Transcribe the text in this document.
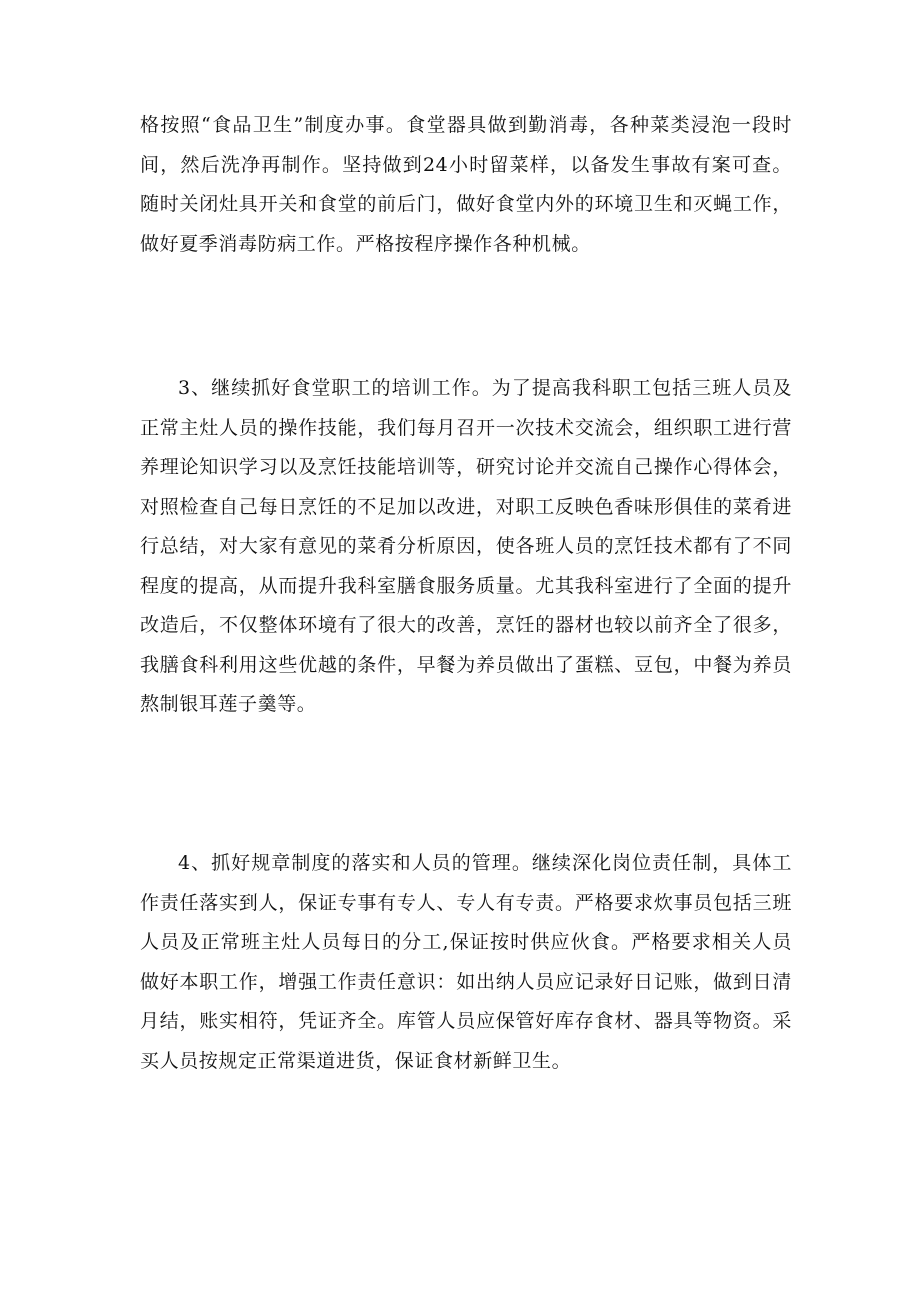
格按照“食品卫生”制度办事。食堂器具做到勤消毒，各种菜类浸泡一段时间，然后洗净再制作。坚持做到24小时留菜样，以备发生事故有案可查。随时关闭灶具开关和食堂的前后门，做好食堂内外的环境卫生和灭蝇工作，做好夏季消毒防病工作。严格按程序操作各种机械。

3、继续抓好食堂职工的培训工作。为了提高我科职工包括三班人员及正常主灶人员的操作技能，我们每月召开一次技术交流会，组织职工进行营养理论知识学习以及烹饪技能培训等，研究讨论并交流自己操作心得体会，对照检查自己每日烹饪的不足加以改进，对职工反映色香味形俱佳的菜肴进行总结，对大家有意见的菜肴分析原因，使各班人员的烹饪技术都有了不同程度的提高，从而提升我科室膳食服务质量。尤其我科室进行了全面的提升改造后，不仅整体环境有了很大的改善，烹饪的器材也较以前齐全了很多，我膳食科利用这些优越的条件，早餐为养员做出了蛋糕、豆包，中餐为养员熬制银耳莲子羹等。

4、抓好规章制度的落实和人员的管理。继续深化岗位责任制，具体工作责任落实到人，保证专事有专人、专人有专责。严格要求炊事员包括三班人员及正常班主灶人员每日的分工,保证按时供应伙食。严格要求相关人员做好本职工作，增强工作责任意识：如出纳人员应记录好日记账，做到日清月结，账实相符，凭证齐全。库管人员应保管好库存食材、器具等物资。采买人员按规定正常渠道进货，保证食材新鲜卫生。
